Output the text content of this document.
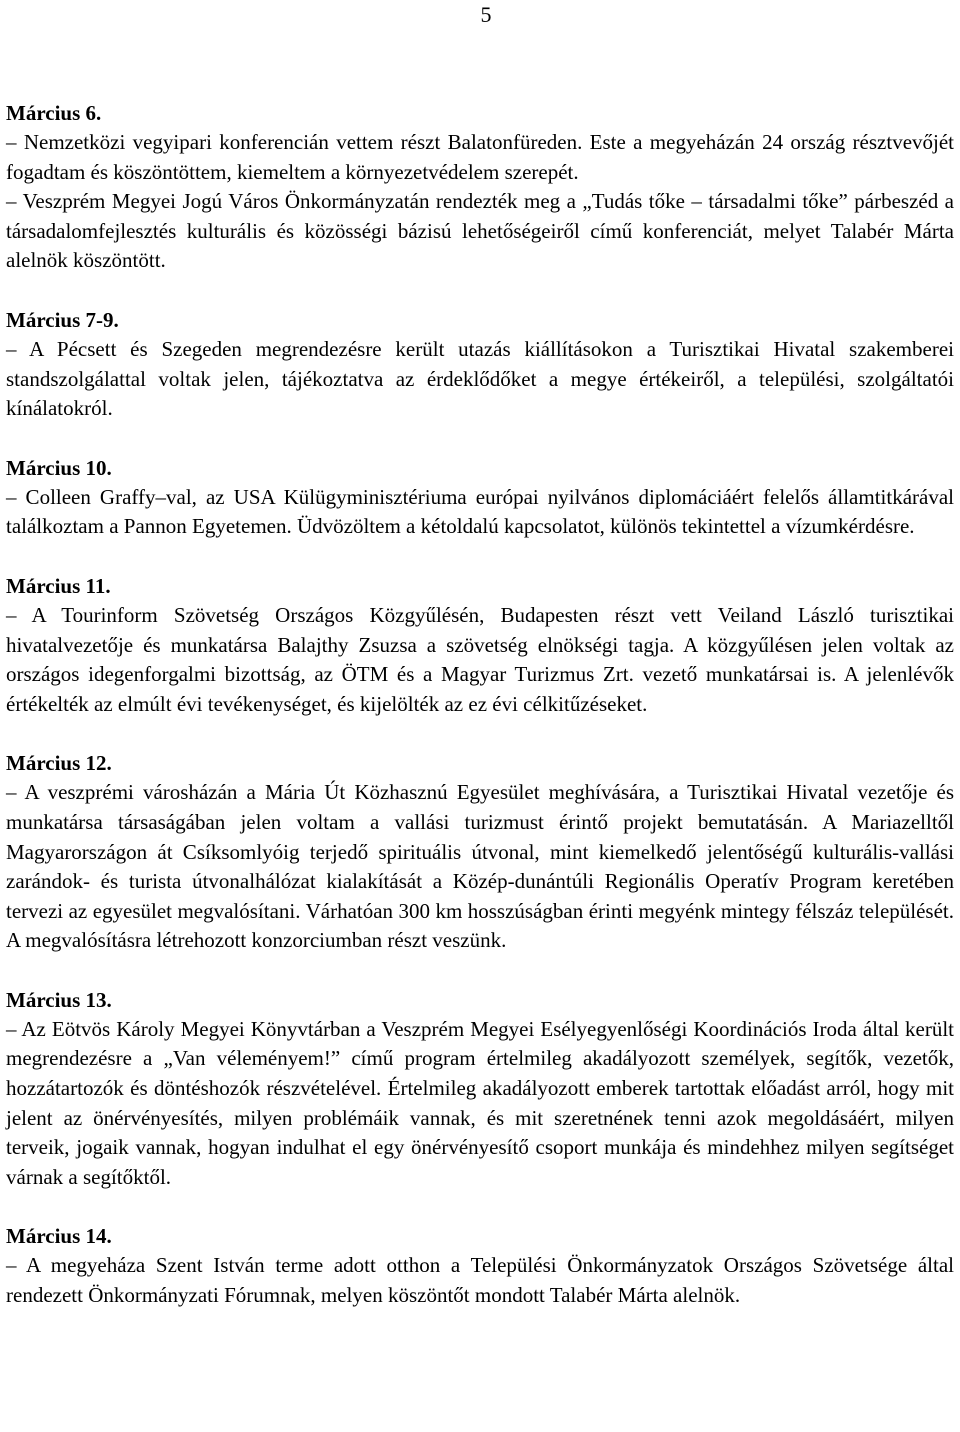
5
Március 6.

– Nemzetközi vegyipari konferencián vettem részt Balatonfüreden. Este a megyeházán 24 ország résztvevőjét fogadtam és köszöntöttem, kiemeltem a környezetvédelem szerepét.

– Veszprém Megyei Jogú Város Önkormányzatán rendezték meg a „Tudás tőke – társadalmi tőke” párbeszéd a társadalomfejlesztés kulturális és közösségi bázisú lehetőségeiről című konferenciát, melyet Talabér Márta alelnök köszöntött.

Március 7-9.

– A Pécsett és Szegeden megrendezésre került utazás kiállításokon a Turisztikai Hivatal szakemberei standszolgálattal voltak jelen, tájékoztatva az érdeklődőket a megye értékeiről, a települési, szolgáltatói kínálatokról.

Március 10.

– Colleen Graffy–val, az USA Külügyminisztériuma európai nyilvános diplomáciáért felelős államtitkárával találkoztam a Pannon Egyetemen. Üdvözöltem a kétoldalú kapcsolatot, különös tekintettel a vízumkérdésre.

Március 11.

– A Tourinform Szövetség Országos Közgyűlésén, Budapesten részt vett Veiland László turisztikai hivatalvezetője és munkatársa Balajthy Zsuzsa a szövetség elnökségi tagja. A közgyűlésen jelen voltak az országos idegenforgalmi bizottság, az ÖTM és a Magyar Turizmus Zrt. vezető munkatársai is. A jelenlévők értékelték az elmúlt évi tevékenységet, és kijelölték az ez évi célkitűzéseket.

Március 12.

– A veszprémi városházán a Mária Út Közhasznú Egyesület meghívására, a Turisztikai Hivatal vezetője és munkatársa társaságában jelen voltam a vallási turizmust érintő projekt bemutatásán. A Mariazelltől Magyarországon át Csíksomlyóig terjedő spirituális útvonal, mint kiemelkedő jelentőségű kulturális-vallási zarándok- és turista útvonalhálózat kialakítását a Közép-dunántúli Regionális Operatív Program keretében tervezi az egyesület megvalósítani. Várhatóan 300 km hosszúságban érinti megyénk mintegy félszáz települését. A megvalósításra létrehozott konzorciumban részt veszünk.

Március 13.

– Az Eötvös Károly Megyei Könyvtárban a Veszprém Megyei Esélyegyenlőségi Koordinációs Iroda által került megrendezésre a „Van véleményem!” című program értelmileg akadályozott személyek, segítők, vezetők, hozzátartozók és döntéshozók részvételével. Értelmileg akadályozott emberek tartottak előadást arról, hogy mit jelent az önérvényesítés, milyen problémáik vannak, és mit szeretnének tenni azok megoldásáért, milyen terveik, jogaik vannak, hogyan indulhat el egy önérvényesítő csoport munkája és mindehhez milyen segítséget várnak a segítőktől.

Március 14.

– A megyeháza Szent István terme adott otthon a Települési Önkormányzatok Országos Szövetsége által rendezett Önkormányzati Fórumnak, melyen köszöntőt mondott Talabér Márta alelnök.
